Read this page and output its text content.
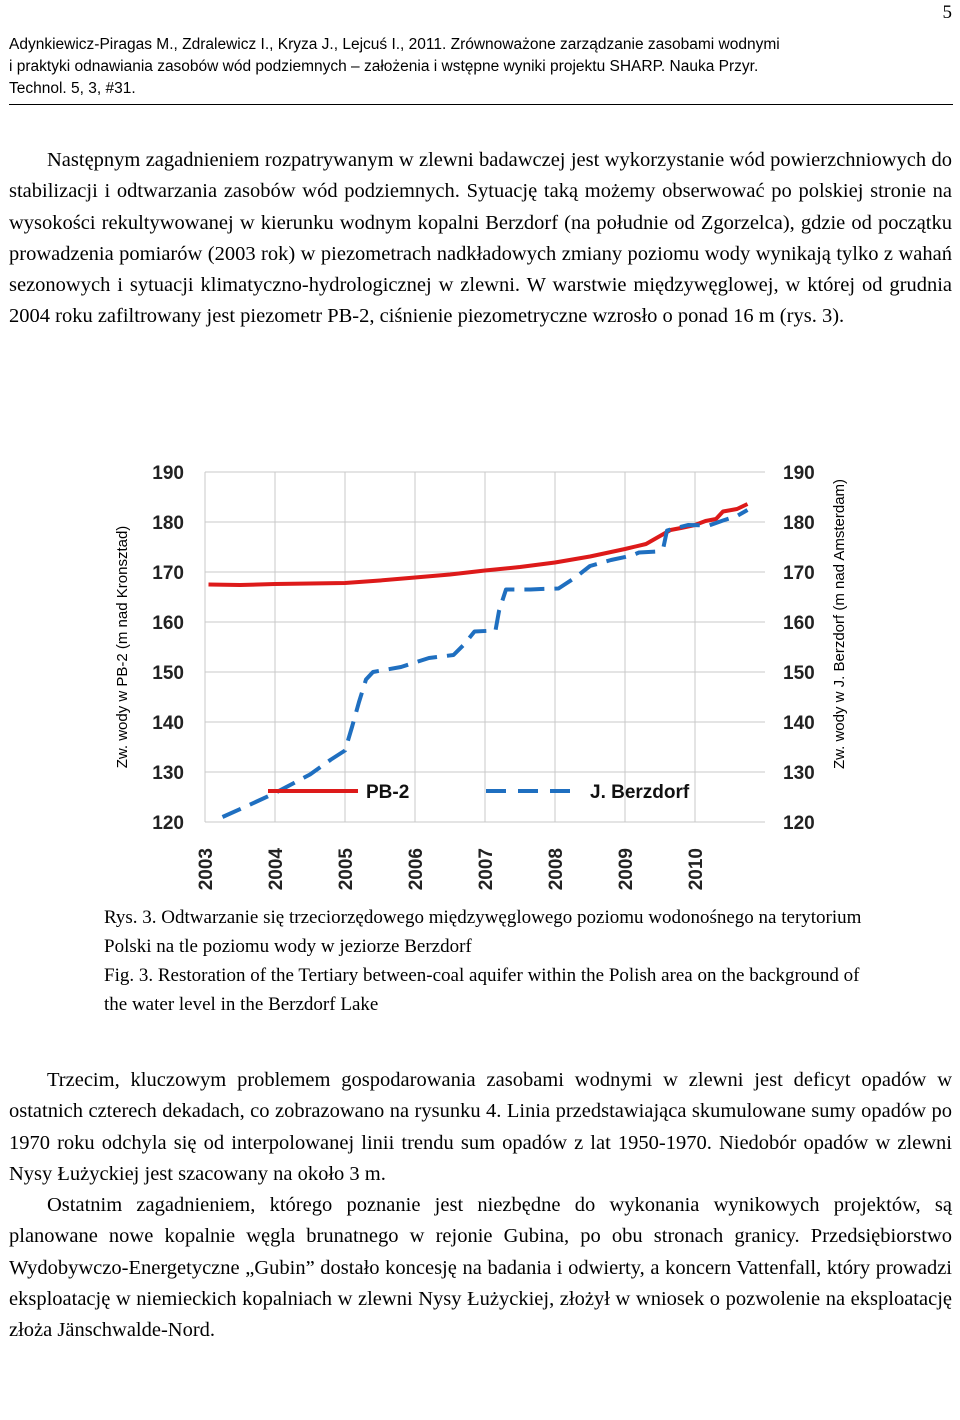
5
Adynkiewicz-Piragas M., Zdralewicz I., Kryza J., Lejcuś I., 2011. Zrównoważone zarządzanie zasobami wodnymi
i praktyki odnawiania zasobów wód podziemnych – założenia i wstępne wyniki projektu SHARP. Nauka Przyr.
Technol. 5, 3, #31.

Następnym zagadnieniem rozpatrywanym w zlewni badawczej jest wykorzystanie wód powierzchniowych do stabilizacji i odtwarzania zasobów wód podziemnych. Sytuację taką możemy obserwować po polskiej stronie na wysokości rekultywowanej w kierunku wodnym kopalni Berzdorf (na południe od Zgorzelca), gdzie od początku prowadzenia pomiarów (2003 rok) w piezometrach nadkładowych zmiany poziomu wody wynikają tylko z wahań sezonowych i sytuacji klimatyczno-hydrologicznej w zlewni. W warstwie międzywęglowej, w której od grudnia 2004 roku zafiltrowany jest piezometr PB-2, ciśnienie piezometryczne wzrosło o ponad 16 m (rys. 3).

120	120
130	130
140	140
150	150
160	160
170	170
180	180
190	190
2003	2004	2005	2006	2007	2008	2009	2010
PB-2	J. Berzdorf
Zw. wody w PB-2 (m nad Kronsztad)	Zw. wody w J. Berzdorf (m nad Amsterdam)

Rys. 3. Odtwarzanie się trzeciorzędowego międzywęglowego poziomu wodonośnego na terytorium Polski na tle poziomu wody w jeziorze Berzdorf

Fig. 3. Restoration of the Tertiary between-coal aquifer within the Polish area on the background of the water level in the Berzdorf Lake

Trzecim, kluczowym problemem gospodarowania zasobami wodnymi w zlewni jest deficyt opadów w ostatnich czterech dekadach, co zobrazowano na rysunku 4. Linia przedstawiająca skumulowane sumy opadów po 1970 roku odchyla się od interpolowanej linii trendu sum opadów z lat 1950-1970. Niedobór opadów w zlewni Nysy Łużyckiej jest szacowany na około 3 m.

Ostatnim zagadnieniem, którego poznanie jest niezbędne do wykonania wynikowych projektów, są planowane nowe kopalnie węgla brunatnego w rejonie Gubina, po obu stronach granicy. Przedsiębiorstwo Wydobywczo-Energetyczne „Gubin” dostało koncesję na badania i odwierty, a koncern Vattenfall, który prowadzi eksploatację w niemieckich kopalniach w zlewni Nysy Łużyckiej, złożył w wniosek o pozwolenie na eksploatację złoża Jänschwalde-Nord.
